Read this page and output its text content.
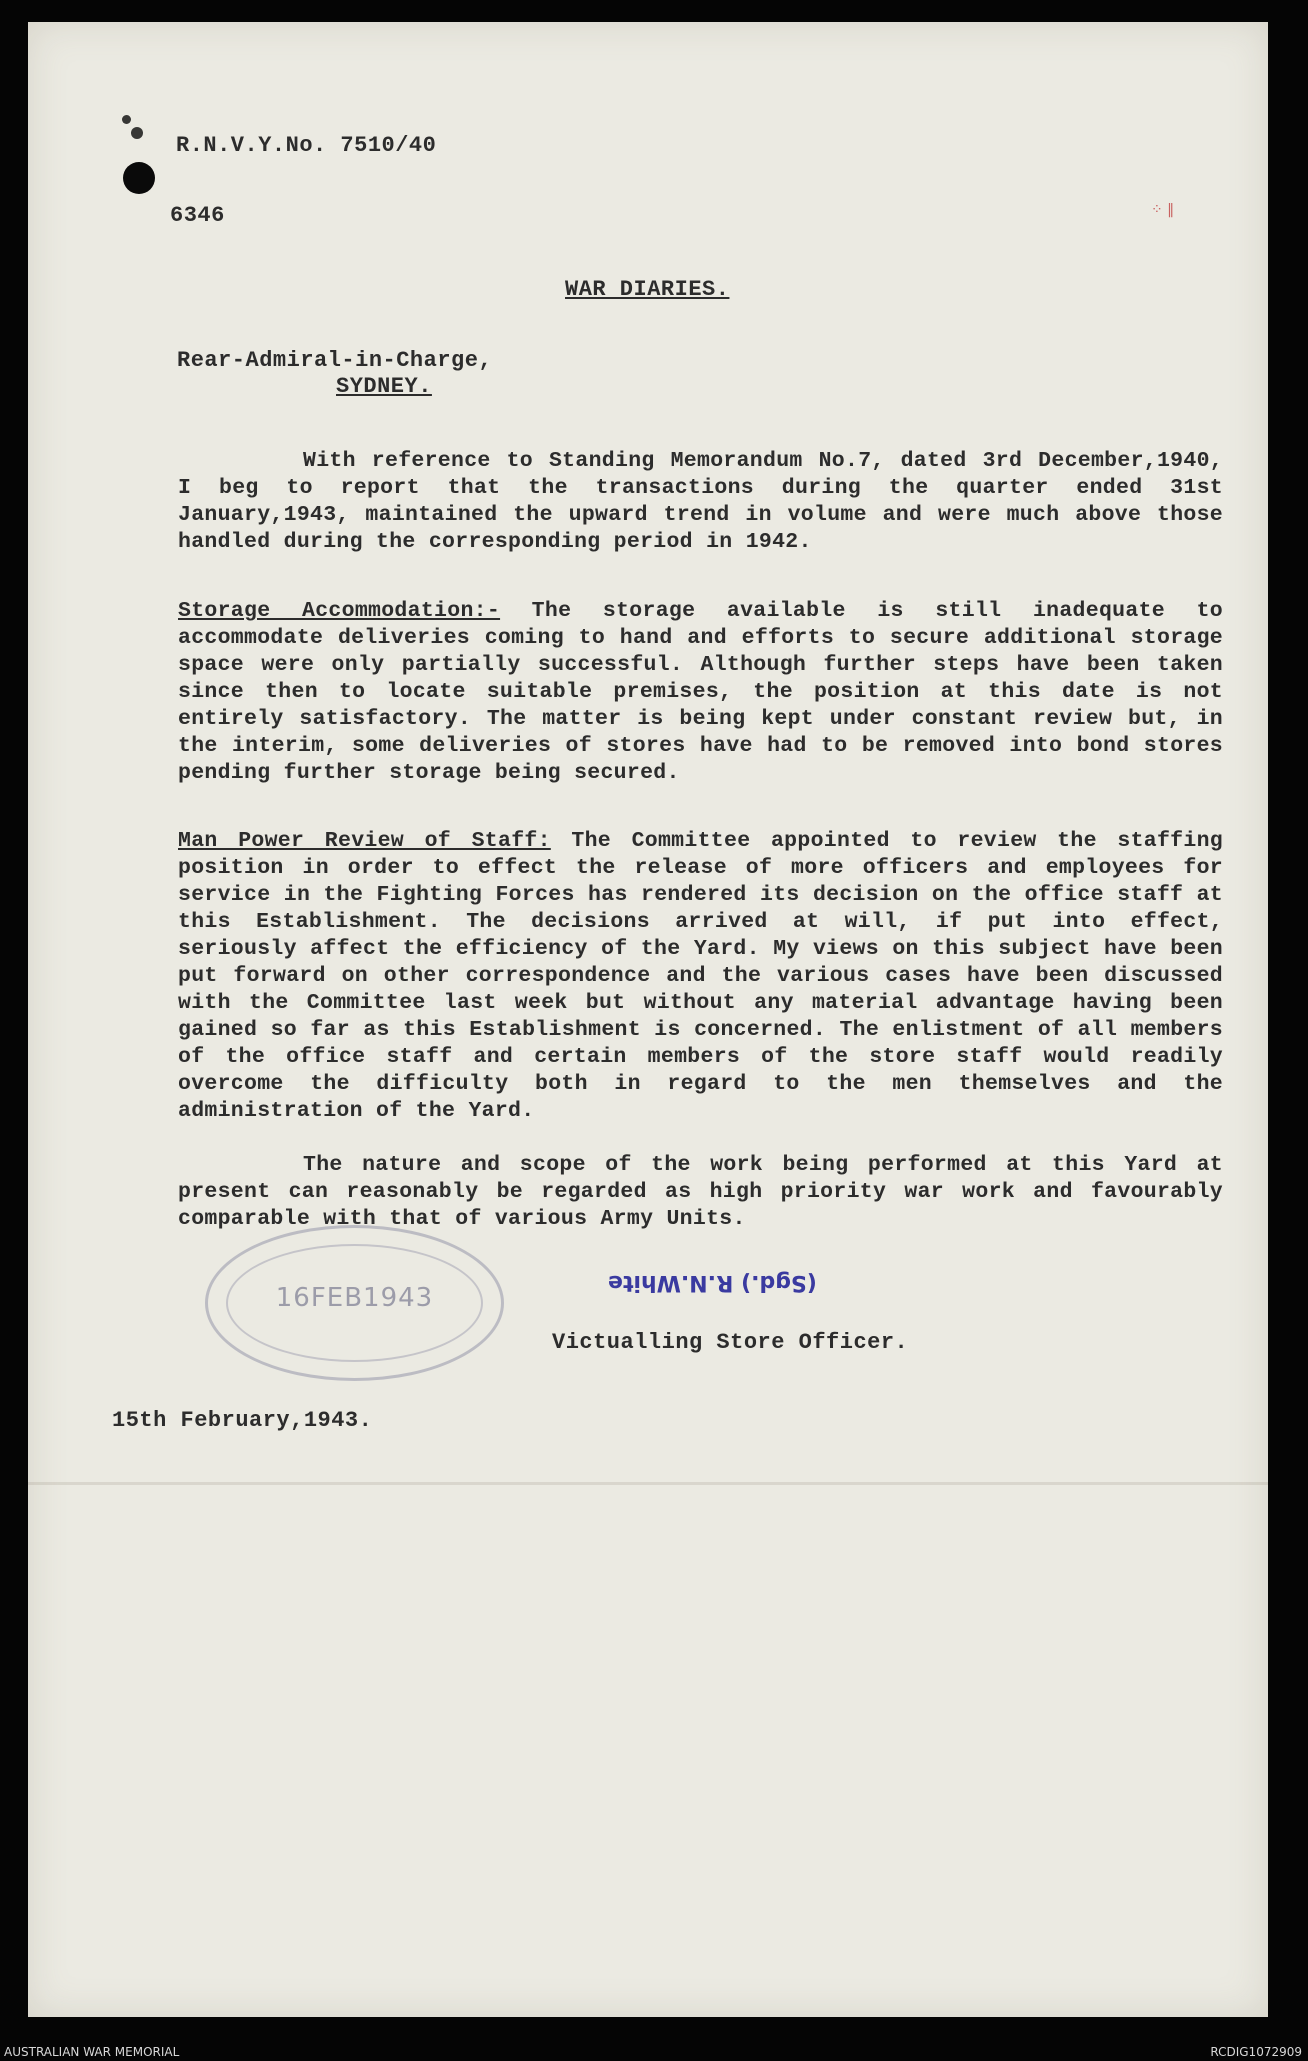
⁘ ‖
R.N.V.Y.No. 7510/40
6346
WAR DIARIES.
Rear-Admiral-in-Charge,
SYDNEY.
With reference to Standing Memorandum No.7, dated 3rd December,1940, I beg to report that the transactions during the quarter ended 31st January,1943, maintained the upward trend in volume and were much above those handled during the corresponding period in 1942.
Storage Accommodation:- The storage available is still inadequate to accommodate deliveries coming to hand and efforts to secure additional storage space were only partially successful. Although further steps have been taken since then to locate suitable premises, the position at this date is not entirely satisfactory. The matter is being kept under constant review but, in the interim, some deliveries of stores have had to be removed into bond stores pending further storage being secured.
Man Power Review of Staff: The Committee appointed to review the staffing position in order to effect the release of more officers and employees for service in the Fighting Forces has rendered its decision on the office staff at this Establishment. The decisions arrived at will, if put into effect, seriously affect the efficiency of the Yard. My views on this subject have been put forward on other correspondence and the various cases have been discussed with the Committee last week but without any material advantage having been gained so far as this Establishment is concerned. The enlistment of all members of the office staff and certain members of the store staff would readily overcome the difficulty both in regard to the men themselves and the administration of the Yard.
The nature and scope of the work being performed at this Yard at present can reasonably be regarded as high priority war work and favourably comparable with that of various Army Units.
16FEB1943
(Sgd.) R.N.White
Victualling Store Officer.
15th February,1943.
AUSTRALIAN WAR MEMORIAL	RCDIG1072909
